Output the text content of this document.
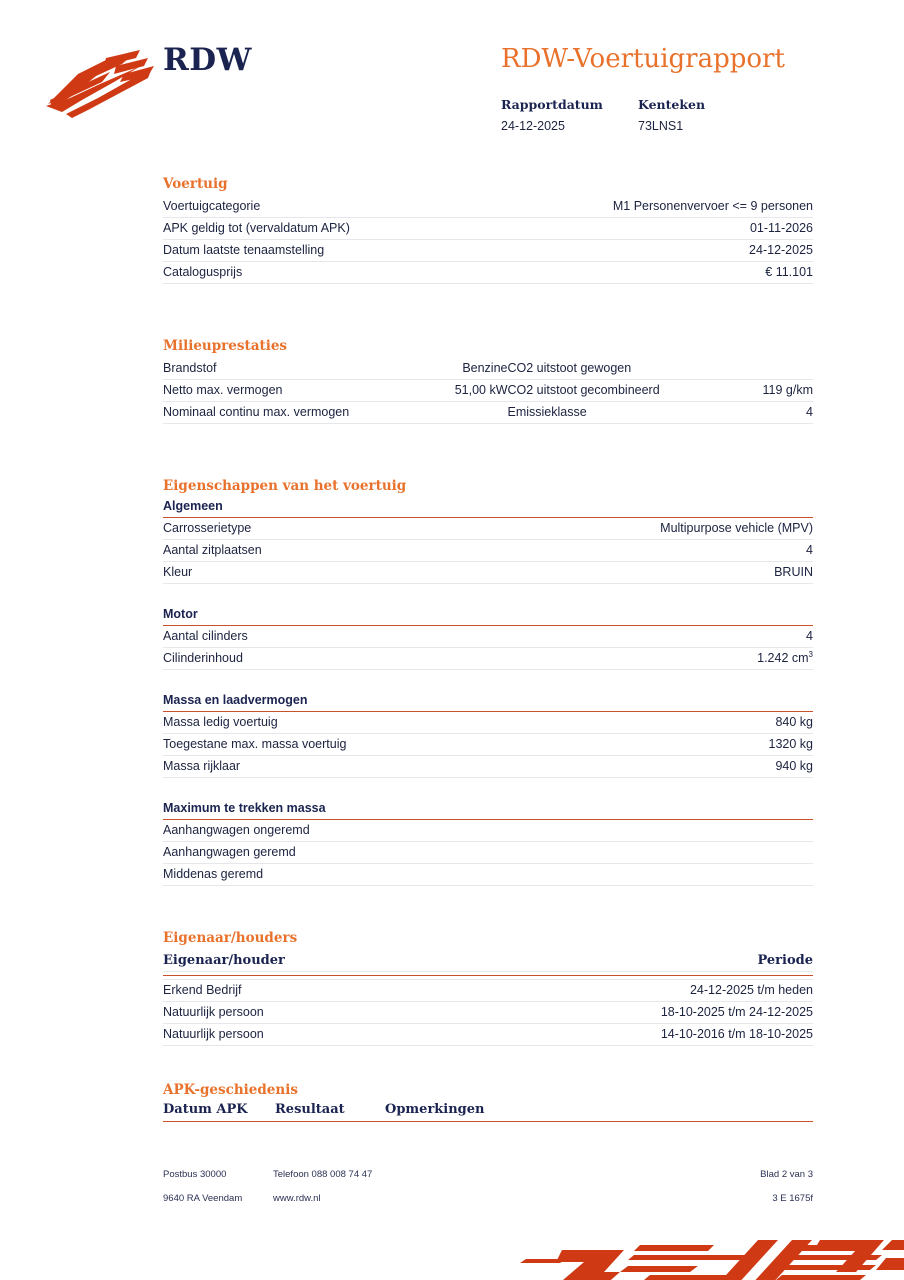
RDW	RDW-Voertuigrapport
Rapportdatum
24-12-2025
Kenteken
73LNS1
Voertuig
Voertuigcategorie	M1 Personenvervoer <= 9 personen
APK geldig tot (vervaldatum APK)	01-11-2026
Datum laatste tenaamstelling	24-12-2025
Catalogusprijs	€ 11.101
Milieuprestaties
Brandstof	Benzine	CO2 uitstoot gewogen	
Netto max. vermogen	51,00 kW	CO2 uitstoot gecombineerd	119 g/km
Nominaal continu max. vermogen		Emissieklasse	4
Eigenschappen van het voertuig
Algemeen
Carrosserietype	Multipurpose vehicle (MPV)
Aantal zitplaatsen	4
Kleur	BRUIN
Motor
Aantal cilinders	4
Cilinderinhoud	1.242 $cm^3$
Massa en laadvermogen
Massa ledig voertuig	840 kg
Toegestane max. massa voertuig	1320 kg
Massa rijklaar	940 kg
Maximum te trekken massa
Aanhangwagen ongeremd	
Aanhangwagen geremd	
Middenas geremd	
Eigenaar/houders
Eigenaar/houder	Periode

Erkend Bedrijf	24-12-2025 t/m heden
Natuurlijk persoon	18-10-2025 t/m 24-12-2025
Natuurlijk persoon	14-10-2016 t/m 18-10-2025
APK-geschiedenis
Datum APK	Resultaat	Opmerkingen
Postbus 30000	Telefoon 088 008 74 47	Blad 2 van 3
9640 RA Veendam	www.rdw.nl	3 E 1675f
